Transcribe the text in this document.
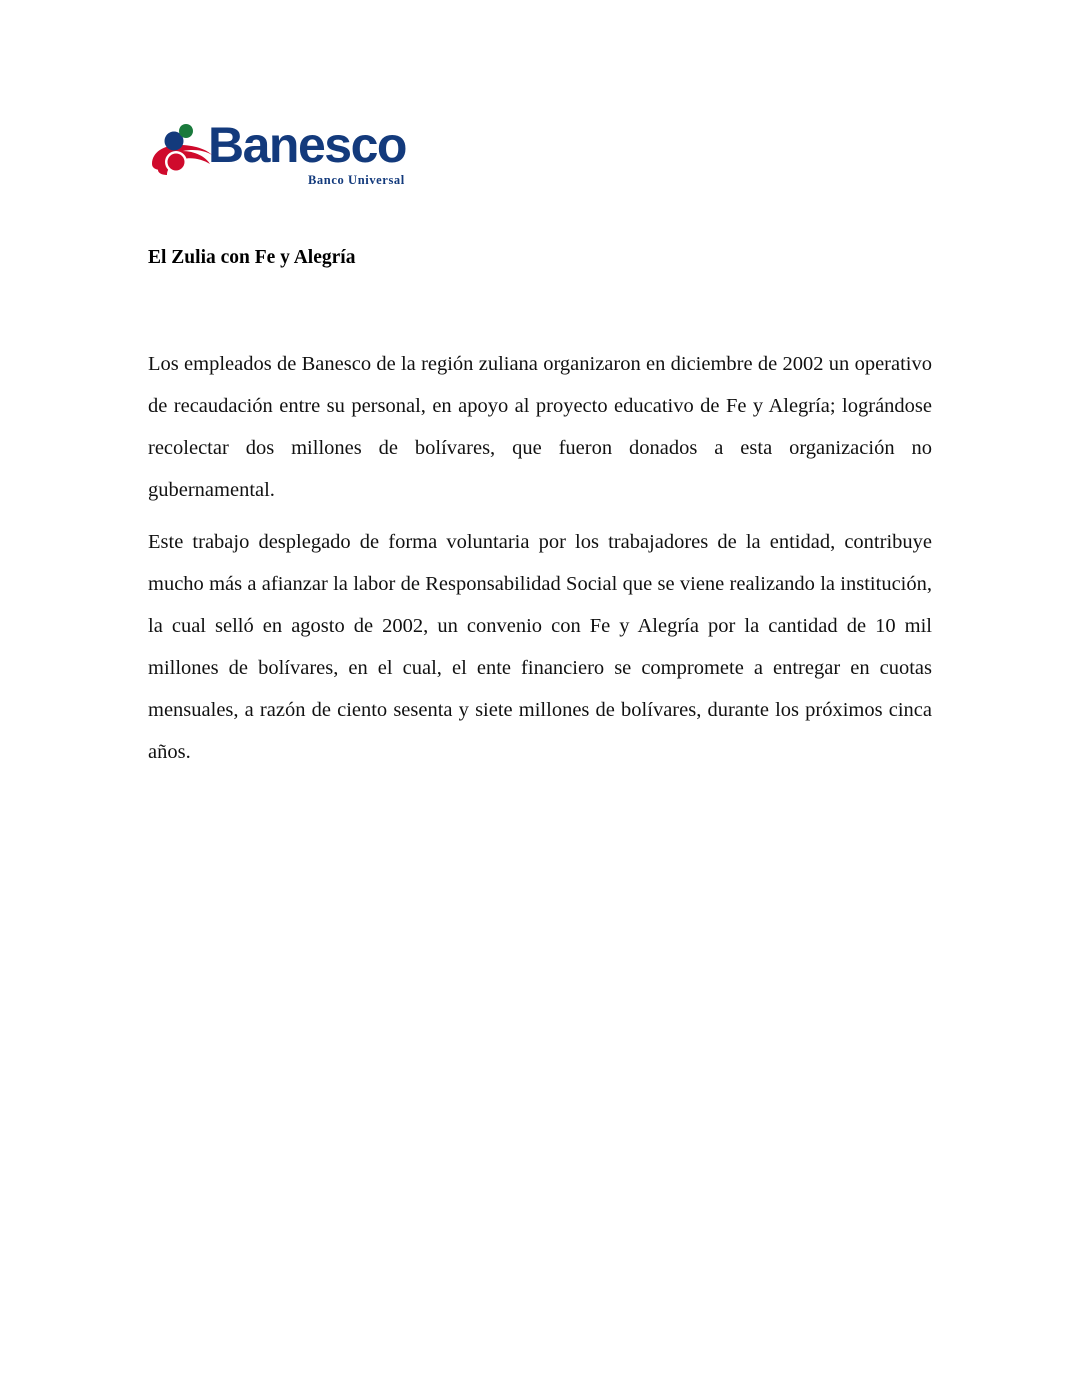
Banesco
Banco Universal
El Zulia con Fe y Alegría

Los empleados de Banesco de la región zuliana organizaron en diciembre de 2002 un operativo de recaudación entre su personal, en apoyo al proyecto educativo de Fe y Alegría; lográndose recolectar dos millones de bolívares, que fueron donados a esta organización no gubernamental.

Este trabajo desplegado de forma voluntaria por los trabajadores de la entidad, contribuye mucho más a afianzar la labor de Responsabilidad Social que se viene realizando la institución, la cual selló en agosto de 2002, un convenio con Fe y Alegría por la cantidad de 10 mil millones de bolívares, en el cual, el ente financiero se compromete a entregar en cuotas mensuales, a razón de ciento sesenta y siete millones de bolívares, durante los próximos cinca años.
